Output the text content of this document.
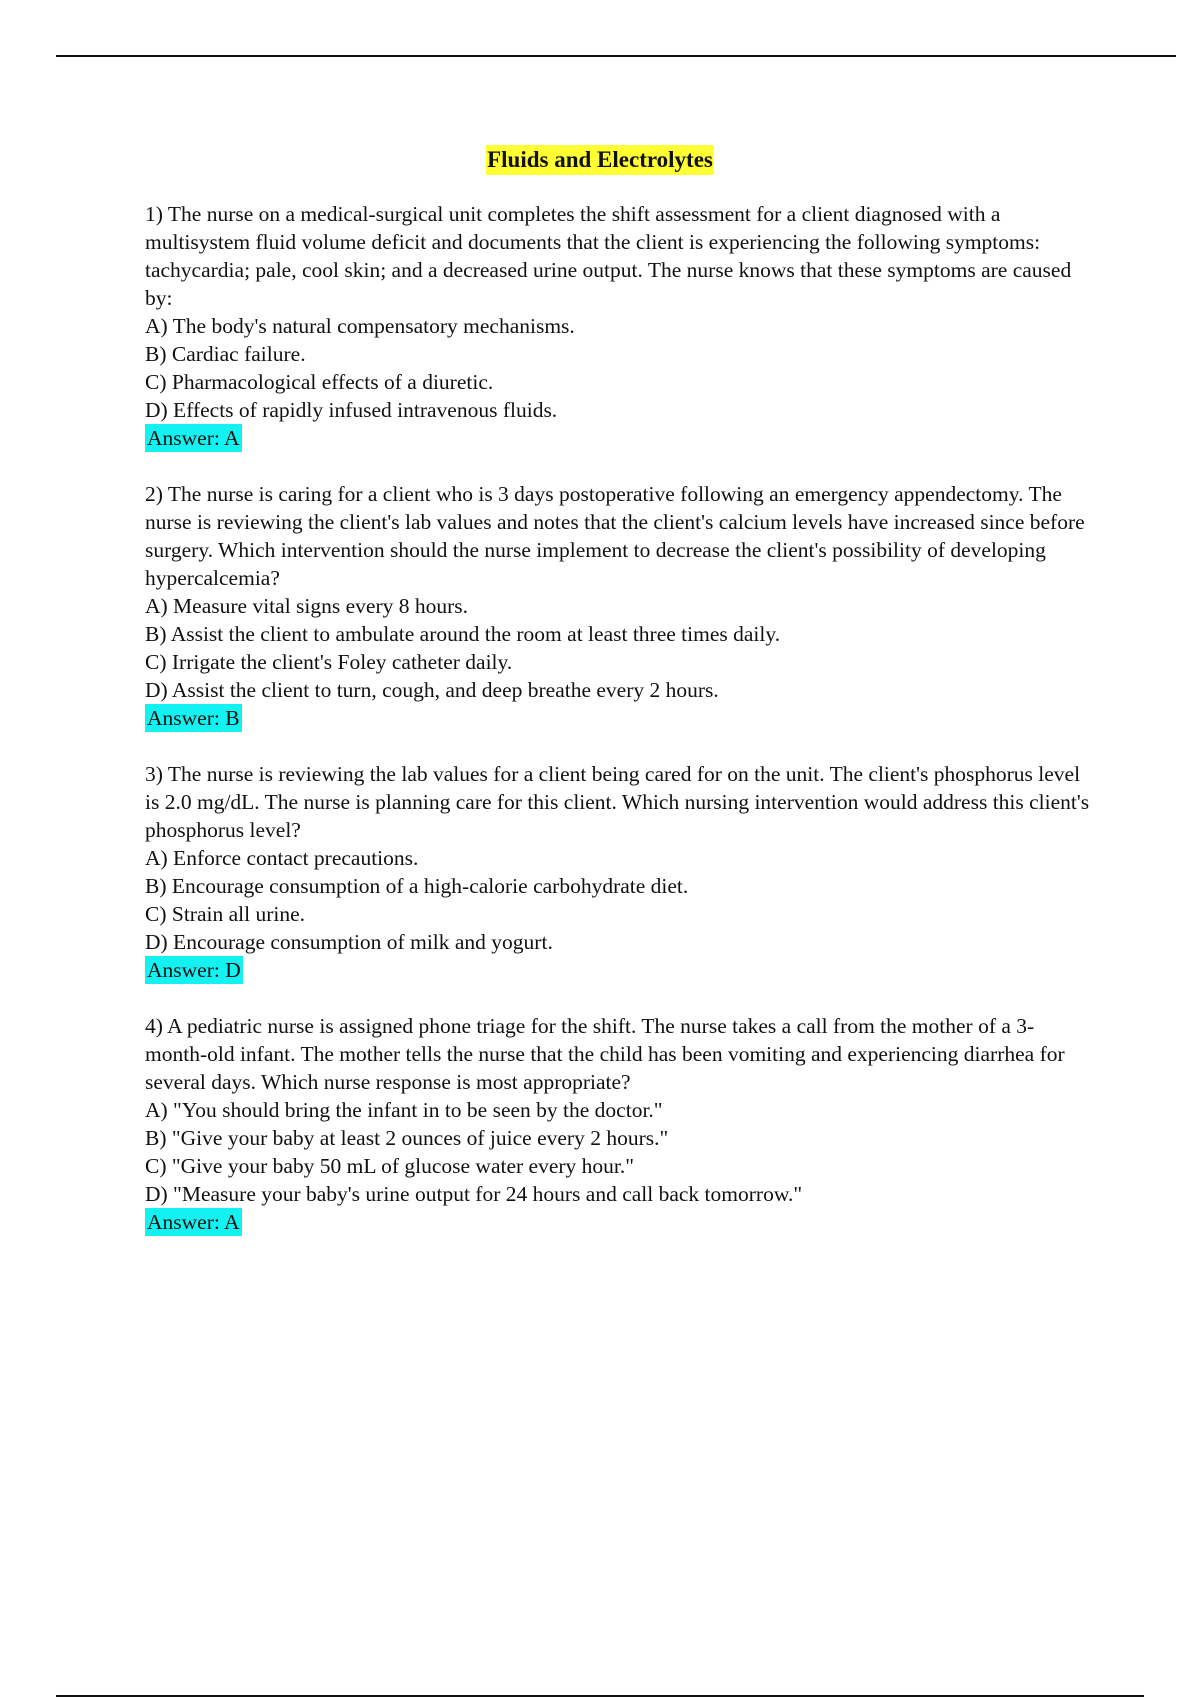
Fluids and Electrolytes

1) The nurse on a medical-surgical unit completes the shift assessment for a client diagnosed with a multisystem fluid volume deficit and documents that the client is experiencing the following symptoms: tachycardia; pale, cool skin; and a decreased urine output. The nurse knows that these symptoms are caused by:

A) The body's natural compensatory mechanisms.

B) Cardiac failure.

C) Pharmacological effects of a diuretic.

D) Effects of rapidly infused intravenous fluids.

Answer: A

2) The nurse is caring for a client who is 3 days postoperative following an emergency appendectomy. The nurse is reviewing the client's lab values and notes that the client's calcium levels have increased since before surgery. Which intervention should the nurse implement to decrease the client's possibility of developing hypercalcemia?

A) Measure vital signs every 8 hours.

B) Assist the client to ambulate around the room at least three times daily.

C) Irrigate the client's Foley catheter daily.

D) Assist the client to turn, cough, and deep breathe every 2 hours.

Answer: B

3) The nurse is reviewing the lab values for a client being cared for on the unit. The client's phosphorus level is 2.0 mg/dL. The nurse is planning care for this client. Which nursing intervention would address this client's phosphorus level?

A) Enforce contact precautions.

B) Encourage consumption of a high-calorie carbohydrate diet.

C) Strain all urine.

D) Encourage consumption of milk and yogurt.

Answer: D

4) A pediatric nurse is assigned phone triage for the shift. The nurse takes a call from the mother of a 3-month-old infant. The mother tells the nurse that the child has been vomiting and experiencing diarrhea for several days. Which nurse response is most appropriate?

A) "You should bring the infant in to be seen by the doctor."

B) "Give your baby at least 2 ounces of juice every 2 hours."

C) "Give your baby 50 mL of glucose water every hour."

D) "Measure your baby's urine output for 24 hours and call back tomorrow."

Answer: A
